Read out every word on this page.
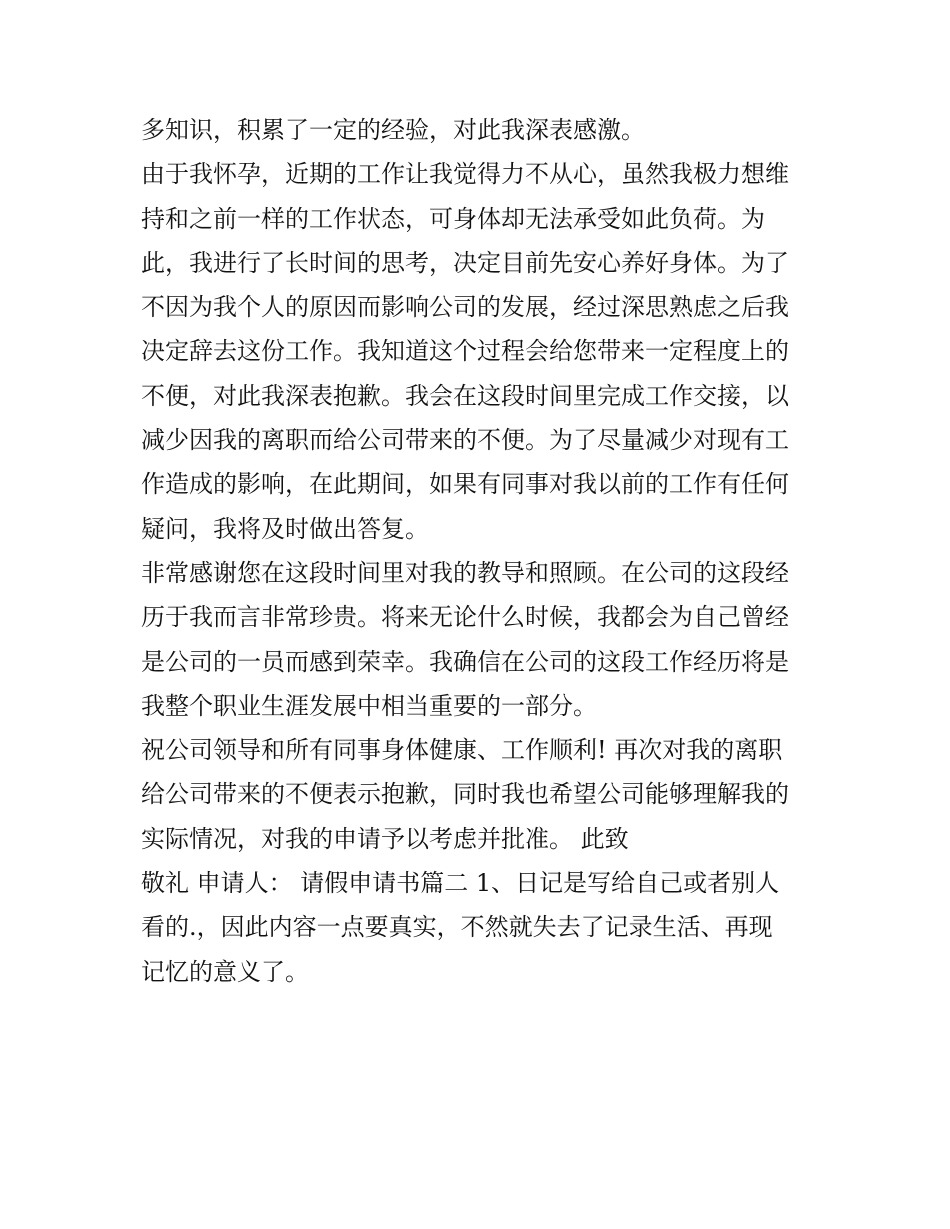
多知识，积累了一定的经验，对此我深表感激。
由于我怀孕，近期的工作让我觉得力不从心，虽然我极力想维
持和之前一样的工作状态，可身体却无法承受如此负荷。为
此，我进行了长时间的思考，决定目前先安心养好身体。为了
不因为我个人的原因而影响公司的发展，经过深思熟虑之后我
决定辞去这份工作。我知道这个过程会给您带来一定程度上的
不便，对此我深表抱歉。我会在这段时间里完成工作交接，以
减少因我的离职而给公司带来的不便。为了尽量减少对现有工
作造成的影响，在此期间，如果有同事对我以前的工作有任何
疑问，我将及时做出答复。
非常感谢您在这段时间里对我的教导和照顾。在公司的这段经
历于我而言非常珍贵。将来无论什么时候，我都会为自己曾经
是公司的一员而感到荣幸。我确信在公司的这段工作经历将是
我整个职业生涯发展中相当重要的一部分。
祝公司领导和所有同事身体健康、工作顺利! 再次对我的离职
给公司带来的不便表示抱歉，同时我也希望公司能够理解我的
实际情况，对我的申请予以考虑并批准。 此致
敬礼 申请人： 请假申请书篇二 1、日记是写给自己或者别人
看的.，因此内容一点要真实，不然就失去了记录生活、再现
记忆的意义了。
